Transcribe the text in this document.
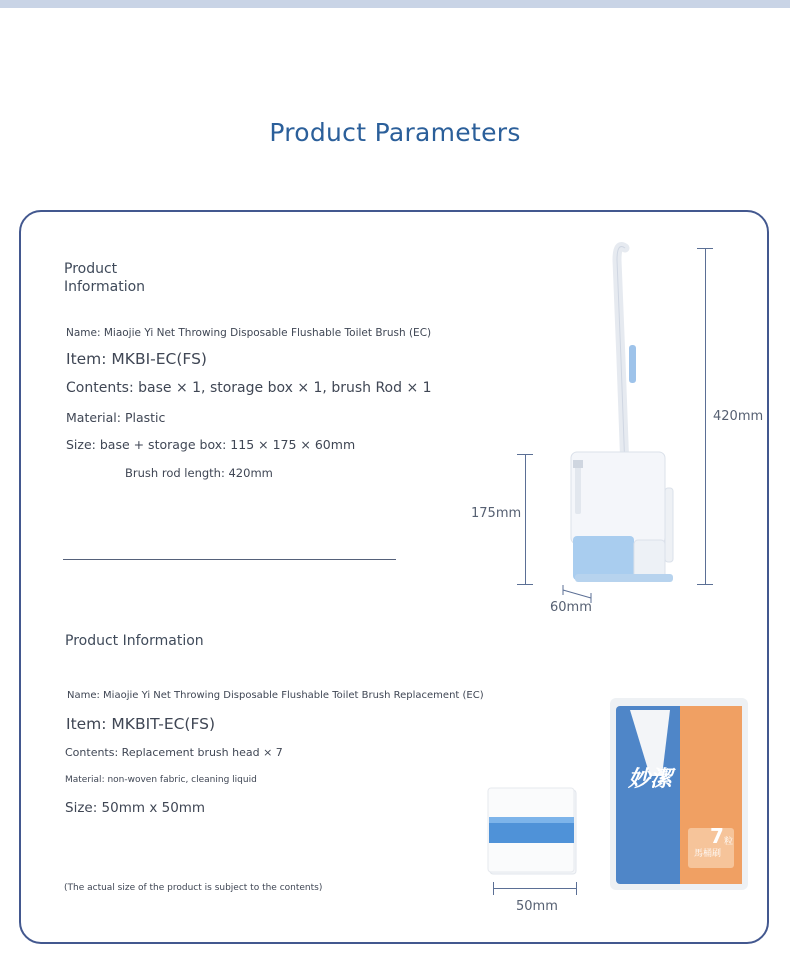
Product Parameters
Product
Information
Name: Miaojie Yi Net Throwing Disposable Flushable Toilet Brush (EC)
Item: MKBI-EC(FS)
Contents: base × 1, storage box × 1, brush Rod × 1
Material: Plastic
Size: base + storage box: 115 × 175 × 60mm
Brush rod length: 420mm
420mm
175mm
60mm
Product Information
Name: Miaojie Yi Net Throwing Disposable Flushable Toilet Brush Replacement (EC)
Item: MKBIT-EC(FS)
Contents: Replacement brush head × 7
Material: non-woven fabric, cleaning liquid
Size: 50mm x 50mm
(The actual size of the product is subject to the contents)
妙潔
7 粒
馬桶刷
50mm
